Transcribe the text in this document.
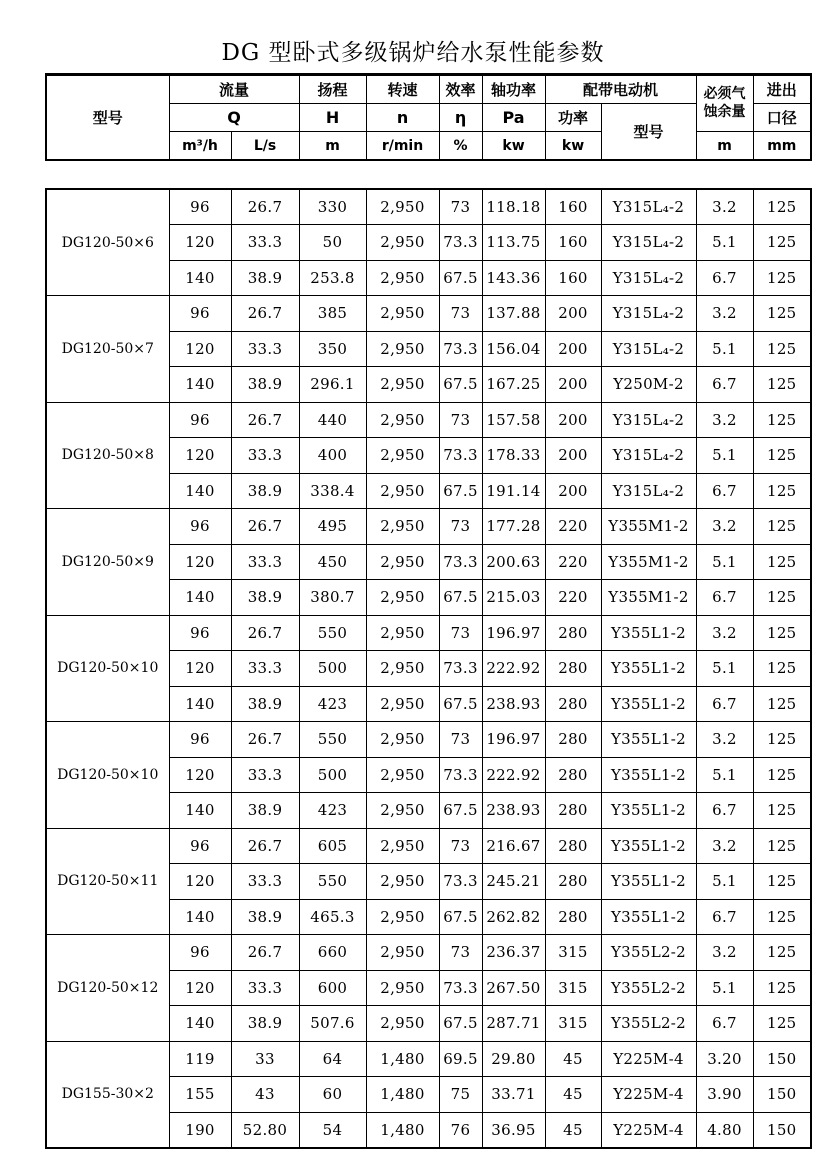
DG 型卧式多级锅炉给水泵性能参数
型号	流量		扬程	转速	效率	轴功率	配带电动机		必须气蚀余量	进出
	Q		H	n	η	Pa	功率	型号		口径
	m³/h	L/s	m	r/min	%	kw	kw		m	mm
DG120-50×6	96	26.7	330	2,950	73	118.18	160	Y315L₄-2	3.2	125
	120	33.3	50	2,950	73.3	113.75	160	Y315L₄-2	5.1	125
	140	38.9	253.8	2,950	67.5	143.36	160	Y315L₄-2	6.7	125
DG120-50×7	96	26.7	385	2,950	73	137.88	200	Y315L₄-2	3.2	125
	120	33.3	350	2,950	73.3	156.04	200	Y315L₄-2	5.1	125
	140	38.9	296.1	2,950	67.5	167.25	200	Y250M-2	6.7	125
DG120-50×8	96	26.7	440	2,950	73	157.58	200	Y315L₄-2	3.2	125
	120	33.3	400	2,950	73.3	178.33	200	Y315L₄-2	5.1	125
	140	38.9	338.4	2,950	67.5	191.14	200	Y315L₄-2	6.7	125
DG120-50×9	96	26.7	495	2,950	73	177.28	220	Y355M1-2	3.2	125
	120	33.3	450	2,950	73.3	200.63	220	Y355M1-2	5.1	125
	140	38.9	380.7	2,950	67.5	215.03	220	Y355M1-2	6.7	125
DG120-50×10	96	26.7	550	2,950	73	196.97	280	Y355L1-2	3.2	125
	120	33.3	500	2,950	73.3	222.92	280	Y355L1-2	5.1	125
	140	38.9	423	2,950	67.5	238.93	280	Y355L1-2	6.7	125
DG120-50×10	96	26.7	550	2,950	73	196.97	280	Y355L1-2	3.2	125
	120	33.3	500	2,950	73.3	222.92	280	Y355L1-2	5.1	125
	140	38.9	423	2,950	67.5	238.93	280	Y355L1-2	6.7	125
DG120-50×11	96	26.7	605	2,950	73	216.67	280	Y355L1-2	3.2	125
	120	33.3	550	2,950	73.3	245.21	280	Y355L1-2	5.1	125
	140	38.9	465.3	2,950	67.5	262.82	280	Y355L1-2	6.7	125
DG120-50×12	96	26.7	660	2,950	73	236.37	315	Y355L2-2	3.2	125
	120	33.3	600	2,950	73.3	267.50	315	Y355L2-2	5.1	125
	140	38.9	507.6	2,950	67.5	287.71	315	Y355L2-2	6.7	125
DG155-30×2	119	33	64	1,480	69.5	29.80	45	Y225M-4	3.20	150
	155	43	60	1,480	75	33.71	45	Y225M-4	3.90	150
	190	52.80	54	1,480	76	36.95	45	Y225M-4	4.80	150
